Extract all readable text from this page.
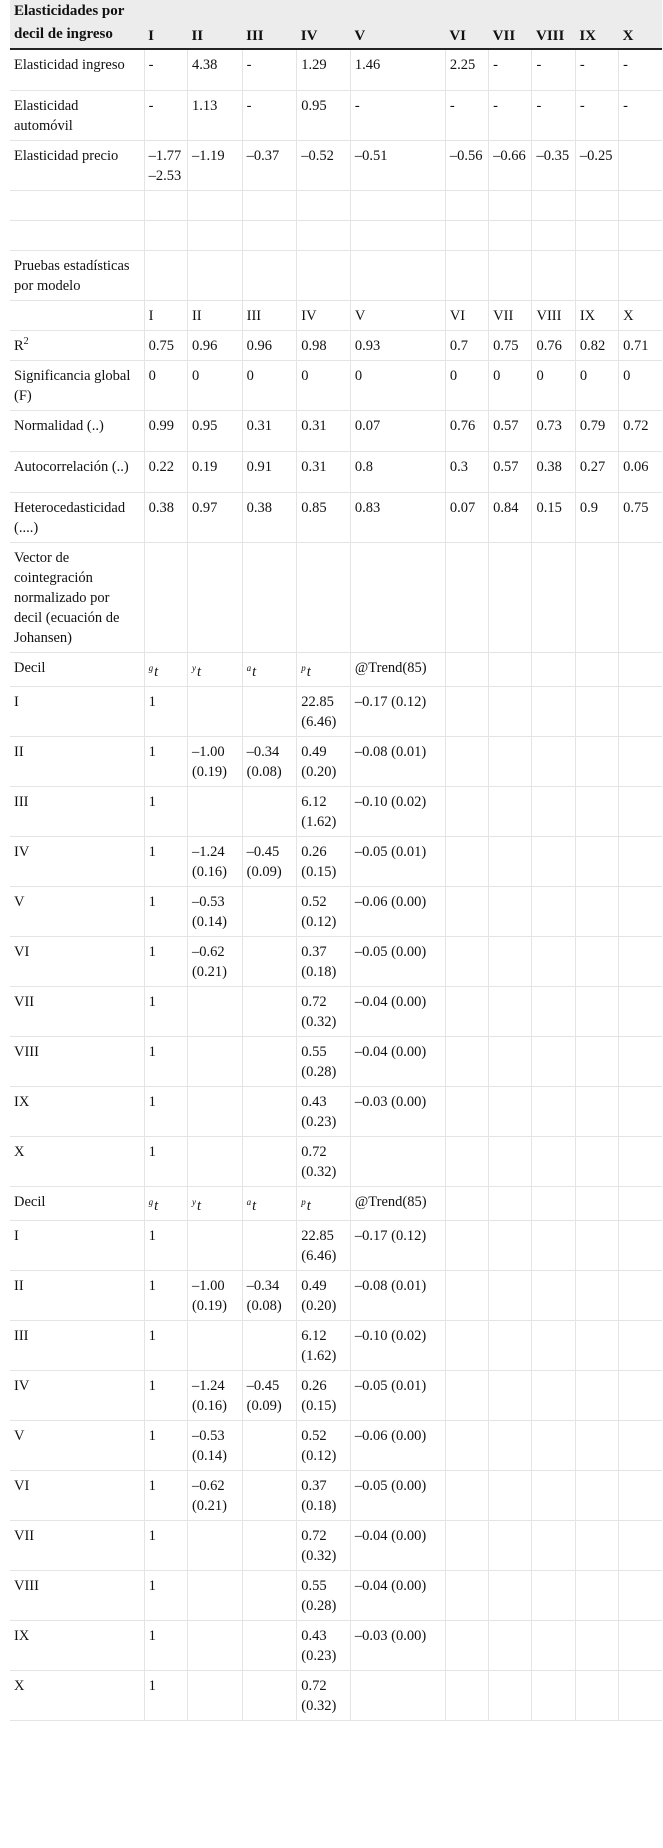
Elasticidades por decil de ingreso	I	II	III	IV	V	VI	VII	VIII	IX	X
Elasticidad ingreso	-	4.38	-	1.29	1.46	2.25	-	-	-	-
Elasticidad automóvil	-	1.13	-	0.95	-	-	-	-	-	-
Elasticidad precio	–1.77 –2.53	–1.19	–0.37	–0.52	–0.51	–0.56	–0.66	–0.35	–0.25	

Pruebas estadísticas por modelo										
	I	II	III	IV	V	VI	VII	VIII	IX	X
$R^2$	0.75	0.96	0.96	0.98	0.93	0.7	0.75	0.76	0.82	0.71
Significancia global (F)	0	0	0	0	0	0	0	0	0	0
Normalidad (..)	0.99	0.95	0.31	0.31	0.07	0.76	0.57	0.73	0.79	0.72
Autocorrelación (..)	0.22	0.19	0.91	0.31	0.8	0.3	0.57	0.38	0.27	0.06
Heterocedasticidad (....)	0.38	0.97	0.38	0.85	0.83	0.07	0.84	0.15	0.9	0.75
Vector de cointegración normalizado por decil (ecuación de Johansen)										
Decil	$^g$t	$^y$t	$^a$t	$^p$t	@Trend(85)					
I	1			22.85 (6.46)	–0.17 (0.12)					
II	1	–1.00 (0.19)	–0.34 (0.08)	0.49 (0.20)	–0.08 (0.01)					
III	1			6.12 (1.62)	–0.10 (0.02)					
IV	1	–1.24 (0.16)	–0.45 (0.09)	0.26 (0.15)	–0.05 (0.01)					
V	1	–0.53 (0.14)		0.52 (0.12)	–0.06 (0.00)					
VI	1	–0.62 (0.21)		0.37 (0.18)	–0.05 (0.00)					
VII	1			0.72 (0.32)	–0.04 (0.00)					
VIII	1			0.55 (0.28)	–0.04 (0.00)					
IX	1			0.43 (0.23)	–0.03 (0.00)					
X	1			0.72 (0.32)						
Decil	$^g$t	$^y$t	$^a$t	$^p$t	@Trend(85)					
I	1			22.85 (6.46)	–0.17 (0.12)					
II	1	–1.00 (0.19)	–0.34 (0.08)	0.49 (0.20)	–0.08 (0.01)					
III	1			6.12 (1.62)	–0.10 (0.02)					
IV	1	–1.24 (0.16)	–0.45 (0.09)	0.26 (0.15)	–0.05 (0.01)					
V	1	–0.53 (0.14)		0.52 (0.12)	–0.06 (0.00)					
VI	1	–0.62 (0.21)		0.37 (0.18)	–0.05 (0.00)					
VII	1			0.72 (0.32)	–0.04 (0.00)					
VIII	1			0.55 (0.28)	–0.04 (0.00)					
IX	1			0.43 (0.23)	–0.03 (0.00)					
X	1			0.72 (0.32)						
